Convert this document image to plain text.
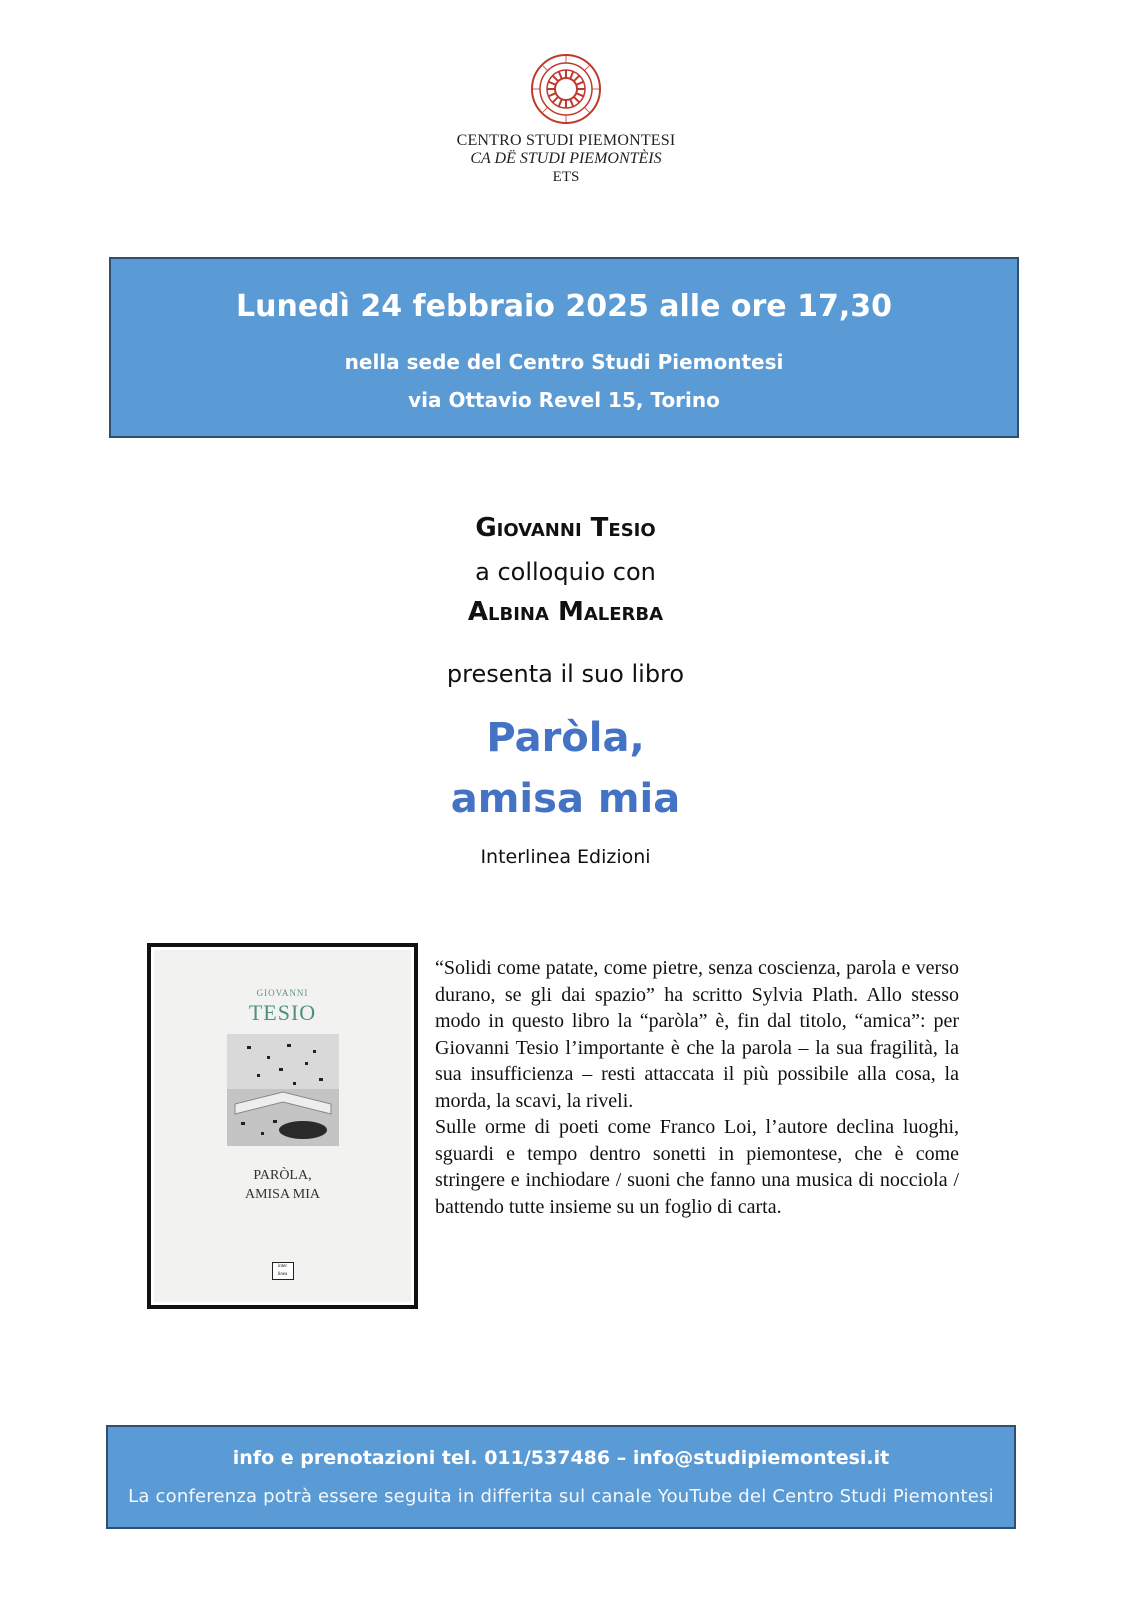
CENTRO STUDI PIEMONTESI
CA DË STUDI PIEMONTÈIS
ETS
Lunedì 24 febbraio 2025 alle ore 17,30
nella sede del Centro Studi Piemontesi
via Ottavio Revel 15, Torino
Giovanni Tesio
a colloquio con
Albina Malerba
presenta il suo libro
Paròla,
amisa mia
Interlinea Edizioni
GIOVANNI
TESIO
PARÒLA,
AMISA MIA
inter linea

“Solidi come patate, come pietre, senza coscienza, parola e verso durano, se gli dai spazio” ha scritto Sylvia Plath. Allo stesso modo in questo libro la “paròla” è, fin dal titolo, “amica”: per Giovanni Tesio l’importante è che la parola – la sua fragilità, la sua insufficienza – resti attaccata il più possibile alla cosa, la morda, la scavi, la riveli.

Sulle orme di poeti come Franco Loi, l’autore declina luoghi, sguardi e tempo dentro sonetti in piemontese, che è come stringere e inchiodare / suoni che fanno una musica di nocciola / battendo tutte insieme su un foglio di carta.

info e prenotazioni tel. 011/537486 – info@studipiemontesi.it
La conferenza potrà essere seguita in differita sul canale YouTube del Centro Studi Piemontesi
